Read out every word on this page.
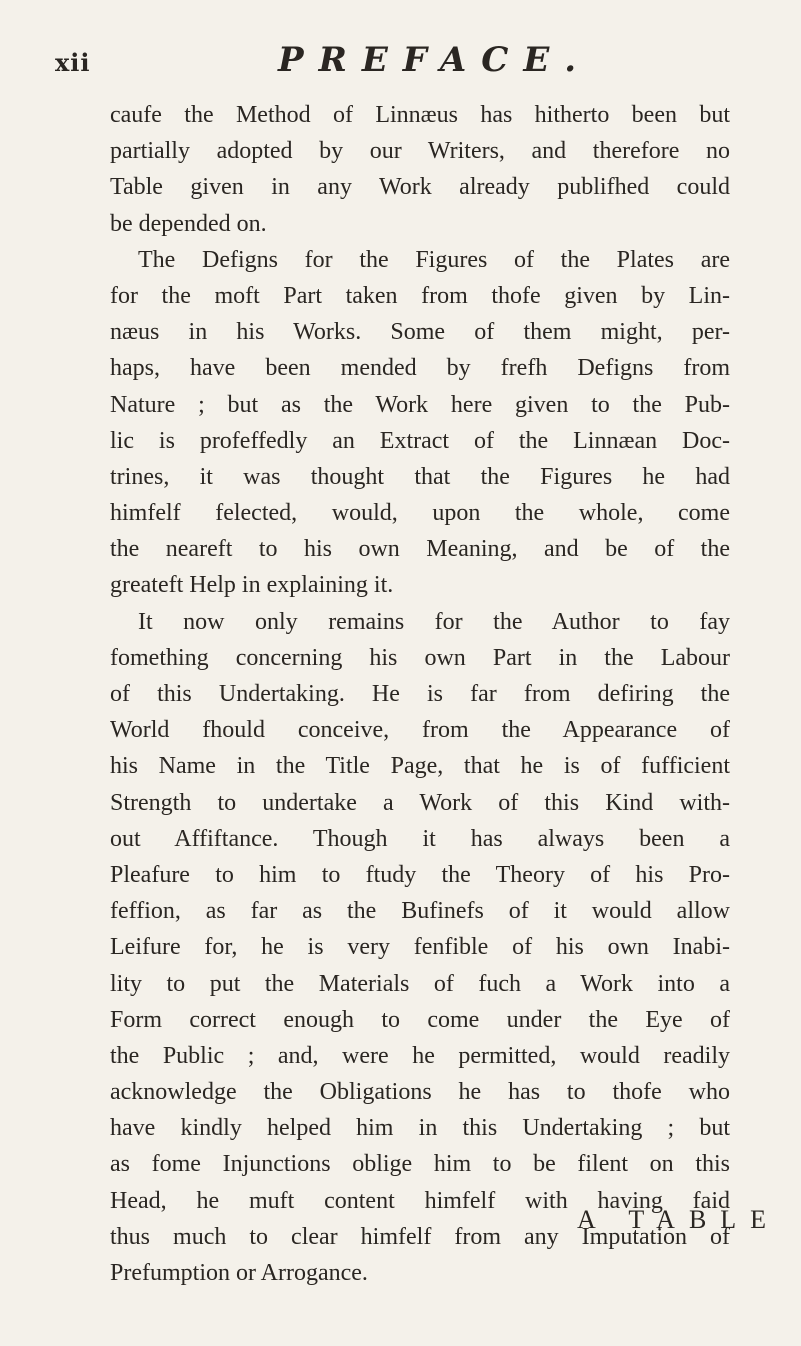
xii	PREFACE.
caufe the Method of Linnæus has hitherto been but
partially adopted by our Writers, and therefore no
Table given in any Work already publifhed could
be depended on.
The Defigns for the Figures of the Plates are
for the moft Part taken from thofe given by Lin-
næus in his Works. Some of them might, per-
haps, have been mended by frefh Defigns from
Nature ; but as the Work here given to the Pub-
lic is profeffedly an Extract of the Linnæan Doc-
trines, it was thought that the Figures he had
himfelf felected, would, upon the whole, come
the neareft to his own Meaning, and be of the
greateft Help in explaining it.
It now only remains for the Author to fay
fomething concerning his own Part in the Labour
of this Undertaking. He is far from defiring the
World fhould conceive, from the Appearance of
his Name in the Title Page, that he is of fufficient
Strength to undertake a Work of this Kind with-
out Affiftance. Though it has always been a
Pleafure to him to ftudy the Theory of his Pro-
feffion, as far as the Bufinefs of it would allow
Leifure for, he is very fenfible of his own Inabi-
lity to put the Materials of fuch a Work into a
Form correct enough to come under the Eye of
the Public ; and, were he permitted, would readily
acknowledge the Obligations he has to thofe who
have kindly helped him in this Undertaking ; but
as fome Injunctions oblige him to be filent on this
Head, he muft content himfelf with having faid
thus much to clear himfelf from any Imputation of
Prefumption or Arrogance.
A TABLE
